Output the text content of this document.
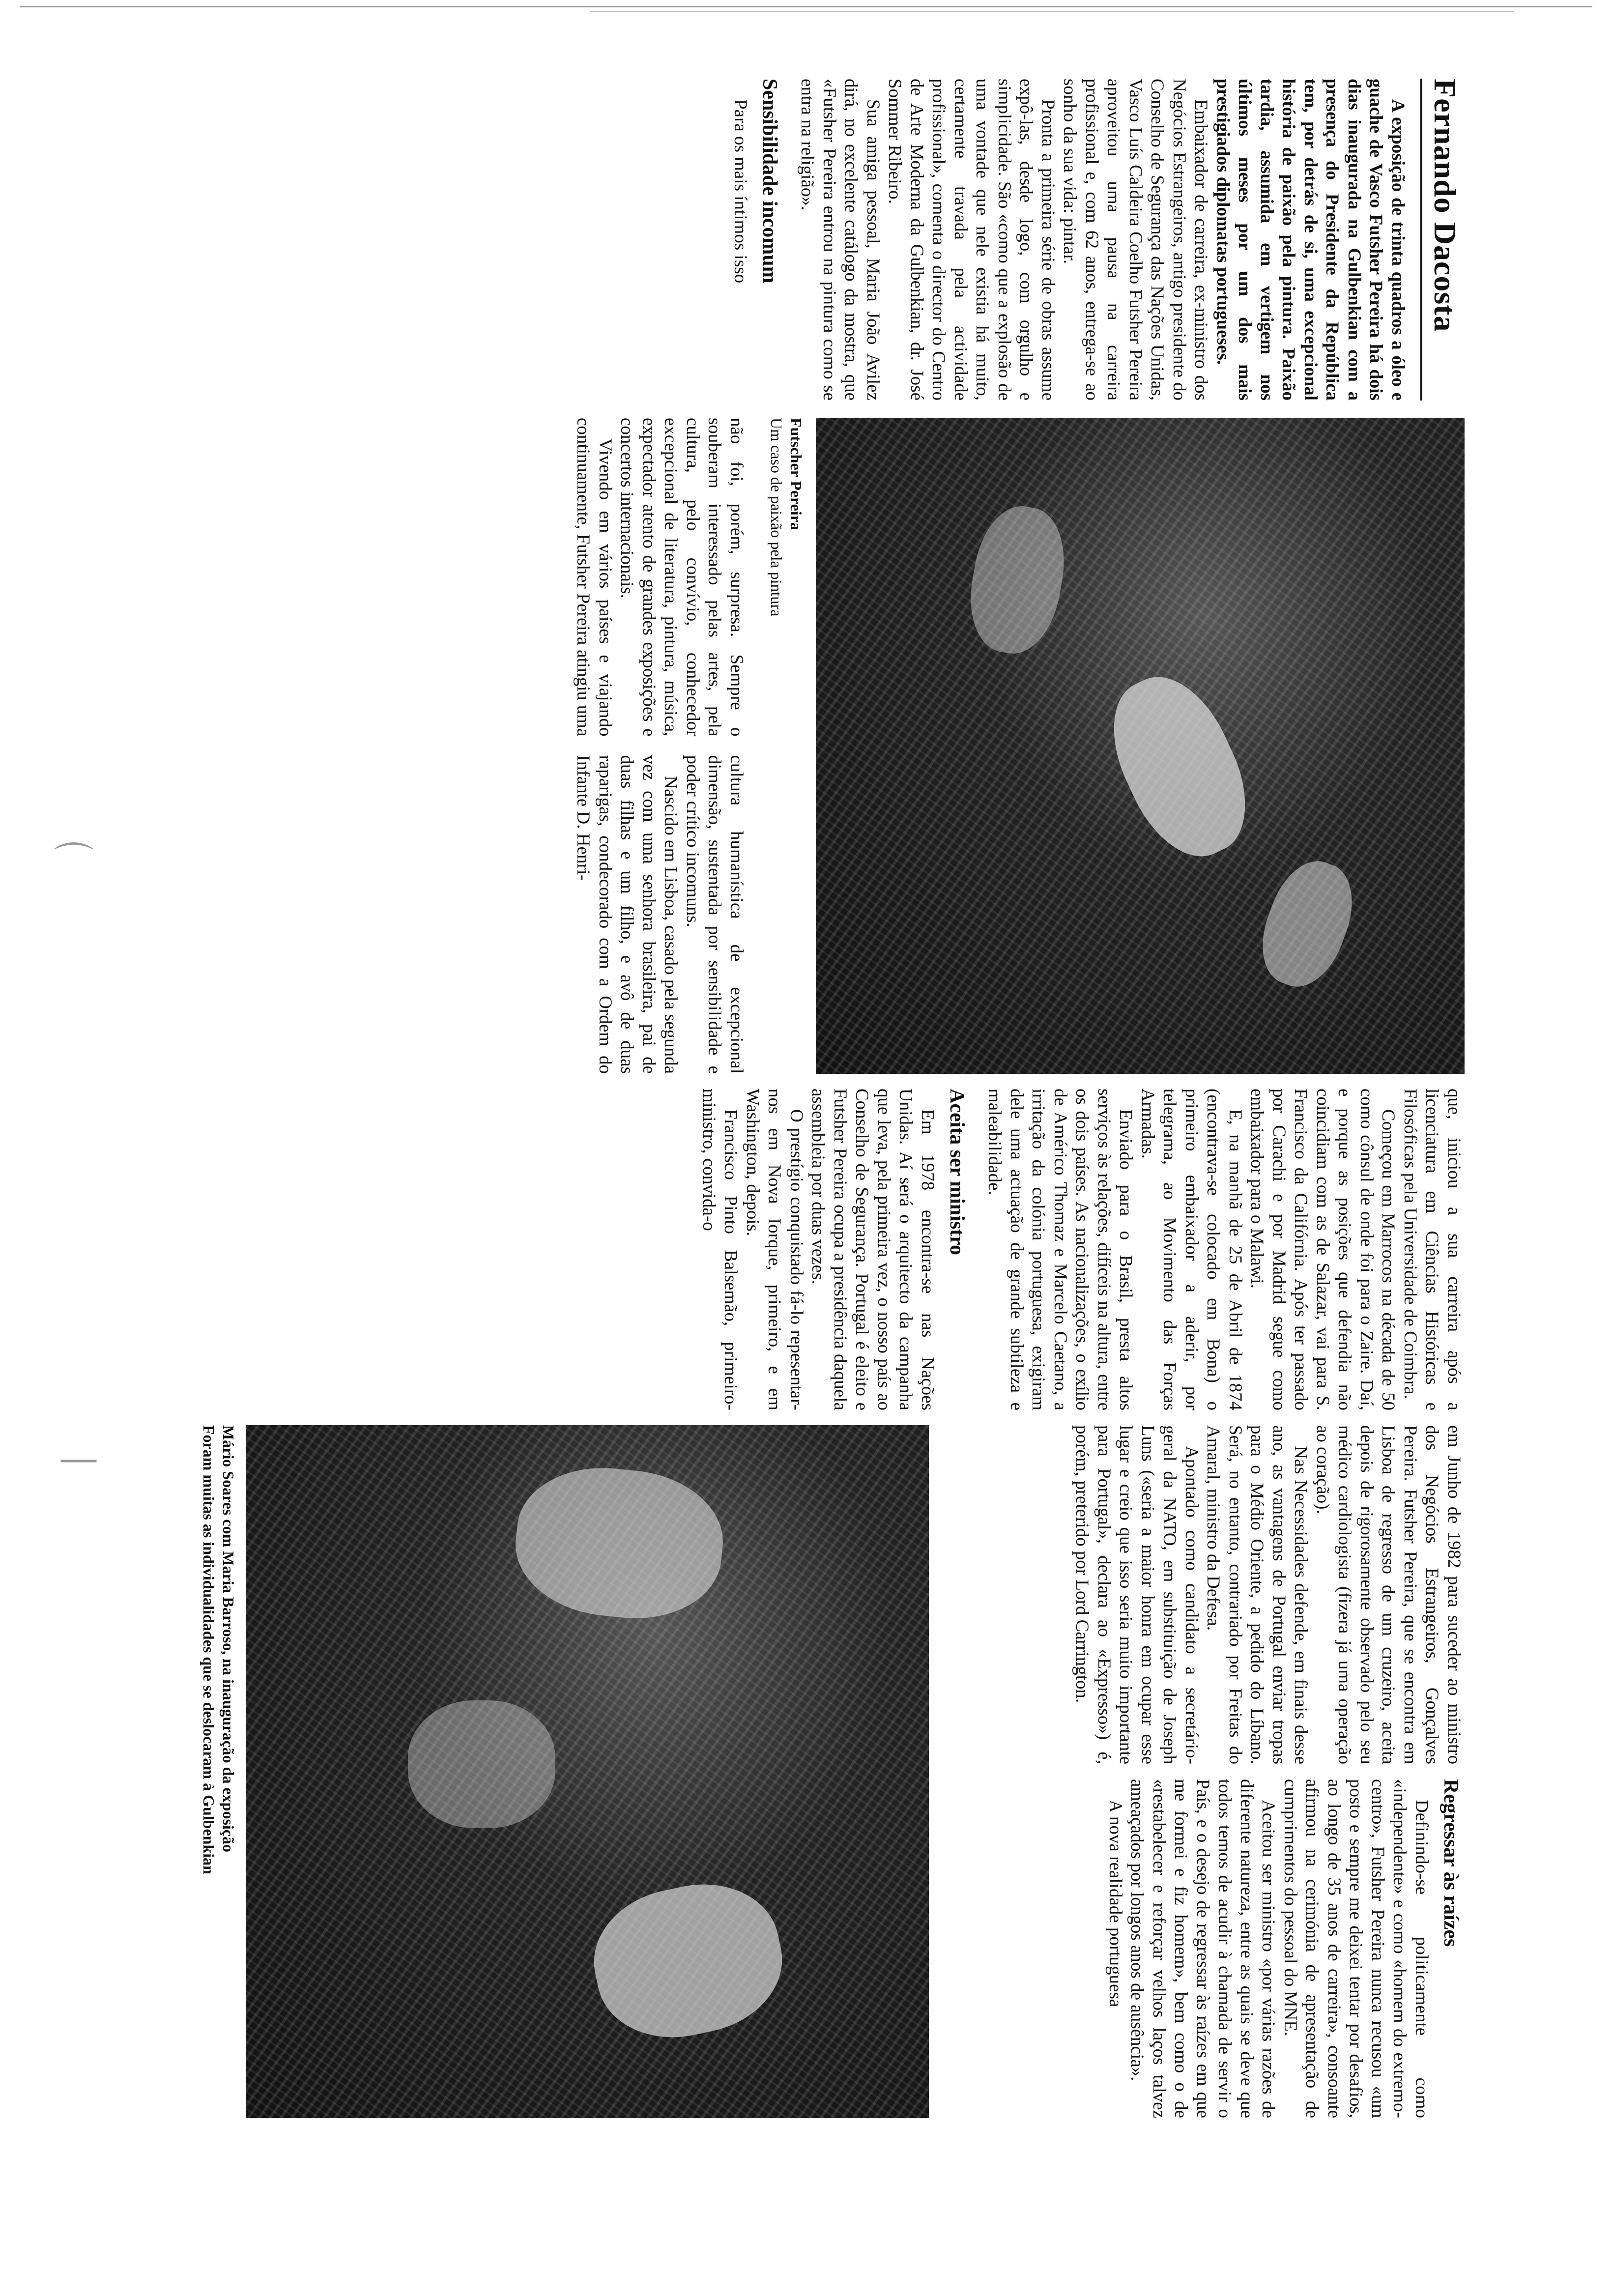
⌒
—
Fernando Dacosta

A exposição de trinta quadros a óleo e guache de Vasco Futsher Pereira há dois dias inaugurada na Gulbenkian com a presença do Presidente da República tem, por detrás de si, uma excepcional história de paixão pela pintura. Paixão tardia, assumida em vertigem nos últimos meses por um dos mais prestigiados diplomatas portugueses.

Embaixador de carreira, ex-ministro dos Negócios Estrangeiros, antigo presidente do Conselho de Segurança das Nações Unidas, Vasco Luís Caldeira Coelho Futsher Pereira aproveitou uma pausa na carreira profissional e, com 62 anos, entrega-se ao sonho da sua vida: pintar.

Pronta a primeira série de obras assume expô-las, desde logo, com orgulho e simplicidade. São «como que a explosão de uma vontade que nele existia há muito, certamente travada pela actividade profissional», comenta o director do Centro de Arte Moderna da Gulbenkian, dr. José Sommer Ribeiro.

Sua amiga pessoal, Maria João Avilez dirá, no excelente catálogo da mostra, que «Futsher Pereira entrou na pintura como se entra na religião».

Sensibilidade incomum

Para os mais íntimos isso

Futscher Pereira
Um caso de paixão pela pintura

não foi, porém, surpresa. Sempre o souberam interessado pelas artes, pela cultura, pelo convívio, conhecedor excepcional de literatura, pintura, música, expectador atento de grandes exposições e concertos internacionais.

Vivendo em vários países e viajando continuamente, Futsher Pereira atingiu uma cultura humanística de excepcional dimensão, sustentada por sensibilidade e poder crítico incomuns.

Nascido em Lisboa, casado pela segunda vez com uma senhora brasileira, pai de duas filhas e um filho, e avô de duas raparigas, condecorado com a Ordem do Infante D. Henri-

que, iniciou a sua carreira após a licenciatura em Ciências Históricas e Filosóficas pela Universidade de Coimbra.

Começou em Marrocos na década de 50 como cônsul de onde foi para o Zaire. Daí, e porque as posições que defendia não coincidiam com as de Salazar, vai para S. Francisco da Califórnia. Após ter passado por Carachi e por Madrid segue como embaixador para o Malawi.

E, na manhã de 25 de Abril de 1874 (encontrava-se colocado em Bona) o primeiro embaixador a aderir, por telegrama, ao Movimento das Forças Armadas.

Enviado para o Brasil, presta altos serviços às relações, difíceis na altura, entre os dois países. As nacionalizações, o exílio de Américo Thomaz e Marcelo Caetano, a irritação da colónia portuguesa, exigiram dele uma actuação de grande subtileza e maleabilidade.

Aceita ser ministro

Em 1978 encontra-se nas Nações Unidas. Aí será o arquitecto da campanha que leva, pela primeira vez, o nosso país ao Conselho de Segurança. Portugal é eleito e Futsher Pereira ocupa a presidência daquela assembleia por duas vezes.

O prestígio conquistado fá-lo repesentar-nos em Nova Iorque, primeiro, e em Washington, depois.

Francisco Pinto Balsemão, primeiro-ministro, convida-o

em Junho de 1982 para suceder ao ministro dos Negócios Estrangeiros, Gonçalves Pereira. Futsher Pereira, que se encontra em Lisboa de regresso de um cruzeiro, aceita depois de rigorosamente observado pelo seu médico cardiologista (fizera já uma operação ao coração).

Nas Necessidades defende, em finais desse ano, as vantagens de Portugal enviar tropas para o Médio Oriente, a pedido do Líbano. Será, no entanto, contrariado por Freitas do Amaral, ministro da Defesa.

Apontado como candidato a secretário-geral da NATO, em substituição de Joseph Luns («seria a maior honra em ocupar esse lugar e creio que isso seria muito importante para Portugal», declara ao «Expresso») é, porém, preterido por Lord Carrington.

Regressar às raízes

Definindo-se politicamente como «independente» e como «homem do extremo-centro», Futsher Pereira nunca recusou «um posto e sempre me deixei tentar por desafios, ao longo de 35 anos de carreira», consoante afirmou na cerimónia de apresentação de cumprimentos do pessoal do MNE.

Aceitou ser ministro «por várias razões de diferente natureza, entre as quais se deve que todos temos de acudir à chamada de servir o País, e o desejo de regressar às raízes em que me formei e fiz homem», bem como o de «restabelecer e reforçar velhos laços talvez ameaçados por longos anos de ausência».

A nova realidade portuguesa

Mário Soares com Maria Barroso, na inauguração da exposição
Foram muitas as individualidades que se deslocaram à Gulbenkian
